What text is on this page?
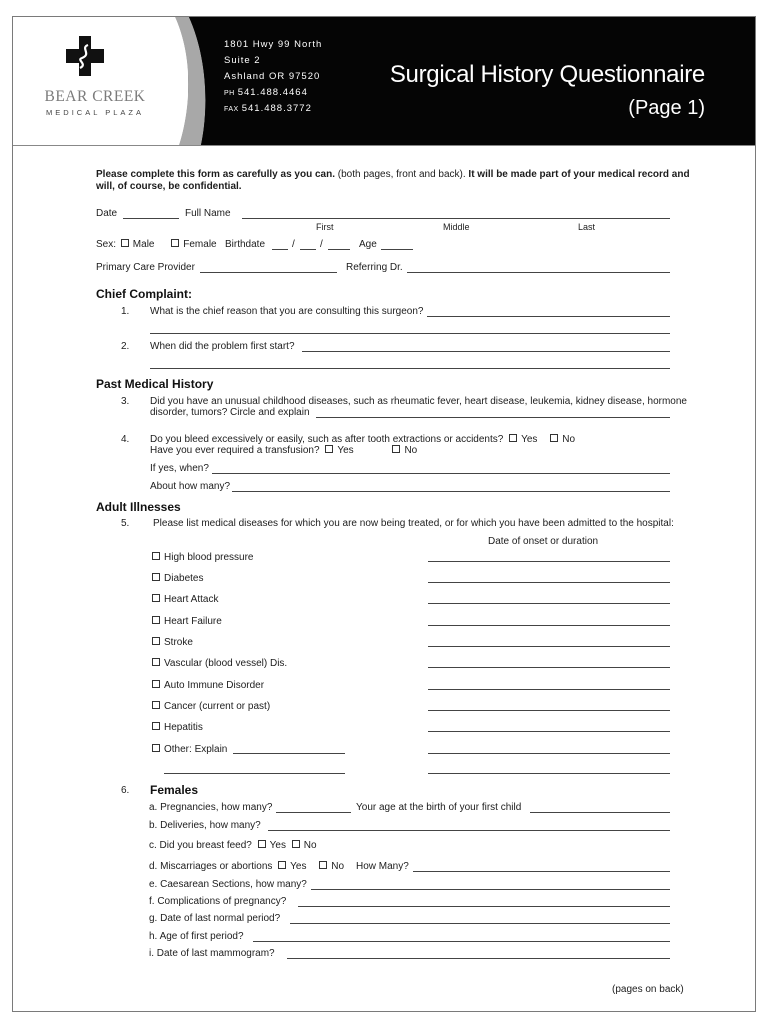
BEAR CREEK
MEDICAL PLAZA
1801 Hwy 99 North
Suite 2
Ashland OR 97520
PH 541.488.4464
FAX 541.488.3772
Surgical History Questionnaire
(Page 1)
Please complete this form as carefully as you can. (both pages, front and back). It will be made part of your medical record and
will, of course, be confidential.
Date	Full Name
First	Middle	Last
Sex: Male	Female Birthdate	/	/	Age
Primary Care Provider	Referring Dr.
Chief Complaint:
1. What is the chief reason that you are consulting this surgeon?
2. When did the problem first start?
Past Medical History
3. Did you have an unusual childhood diseases, such as rheumatic fever, heart disease, leukemia, kidney disease, hormone
disorder, tumors? Circle and explain
4. Do you bleed excessively or easily, such as after tooth extractions or accidents? Yes No
Have you ever required a transfusion? Yes	No
If yes, when?
About how many?
Adult Illnesses
5. Please list medical diseases for which you are now being treated, or for which you have been admitted to the hospital:
Date of onset or duration
High blood pressure
Diabetes
Heart Attack
Heart Failure
Stroke
Vascular (blood vessel) Dis.
Auto Immune Disorder
Cancer (current or past)
Hepatitis
Other: Explain
6. Females
a. Pregnancies, how many?	Your age at the birth of your first child
b. Deliveries, how many?
c. Did you breast feed? Yes No
d. Miscarriages or abortions Yes No How Many?
e. Caesarean Sections, how many?
f. Complications of pregnancy?
g. Date of last normal period?
h. Age of first period?
i. Date of last mammogram?
(pages on back)
